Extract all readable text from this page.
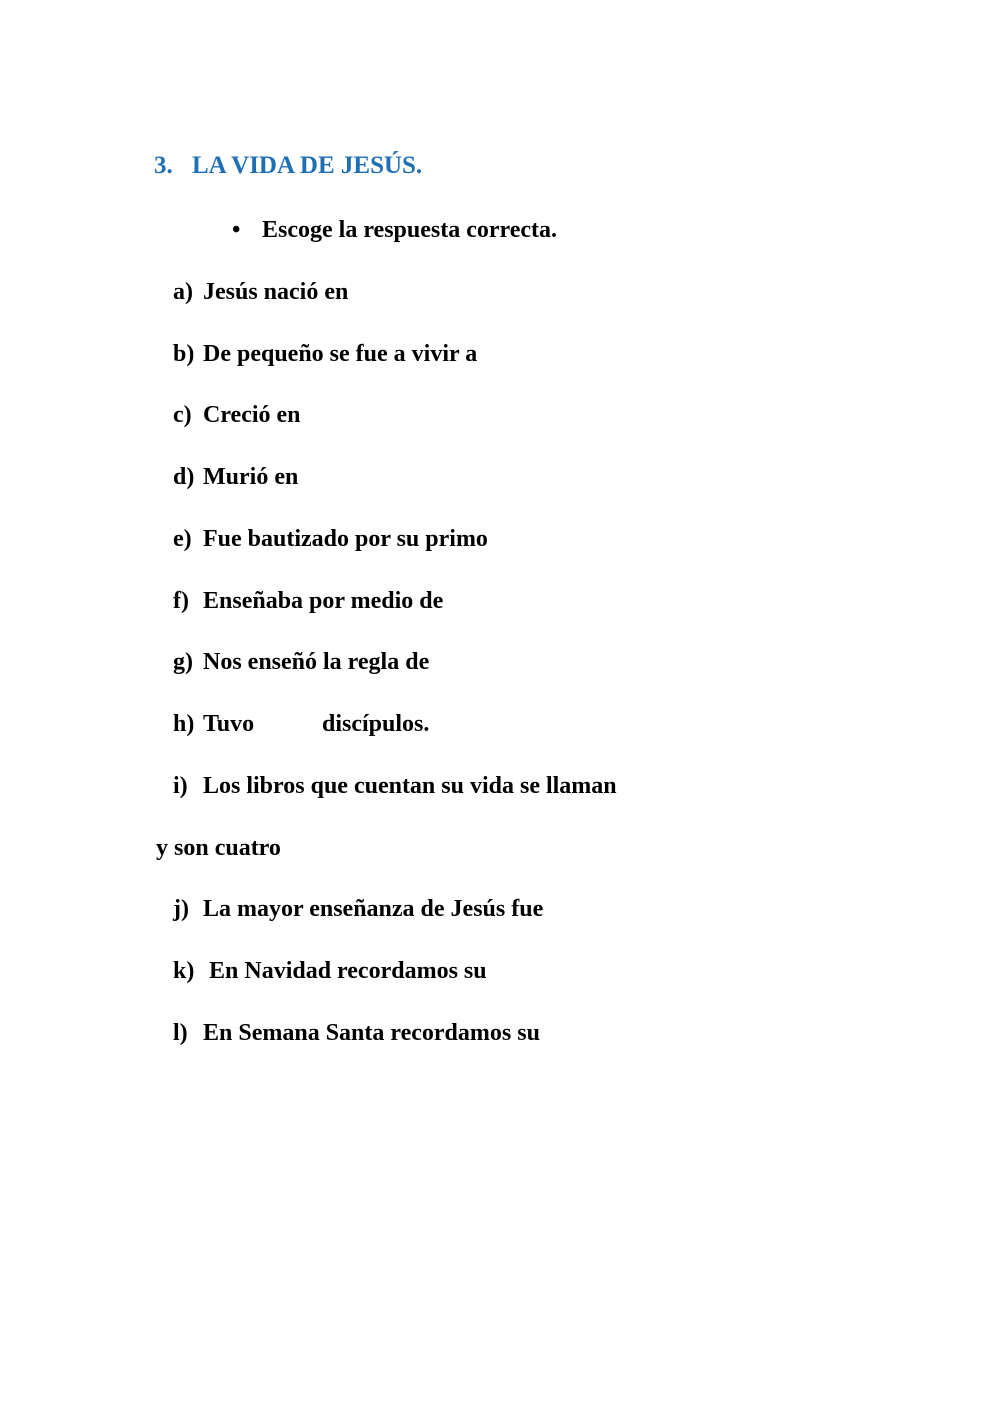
3. LA VIDA DE JESÚS.
• Escoge la respuesta correcta.
a) Jesús nació en
b) De pequeño se fue a vivir a
c) Creció en
d) Murió en
e) Fue bautizado por su primo
f) Enseñaba por medio de
g) Nos enseñó la regla de
h) Tuvo	discípulos.
i) Los libros que cuentan su vida se llaman
y son cuatro
j) La mayor enseñanza de Jesús fue
k) En Navidad recordamos su
l) En Semana Santa recordamos su
